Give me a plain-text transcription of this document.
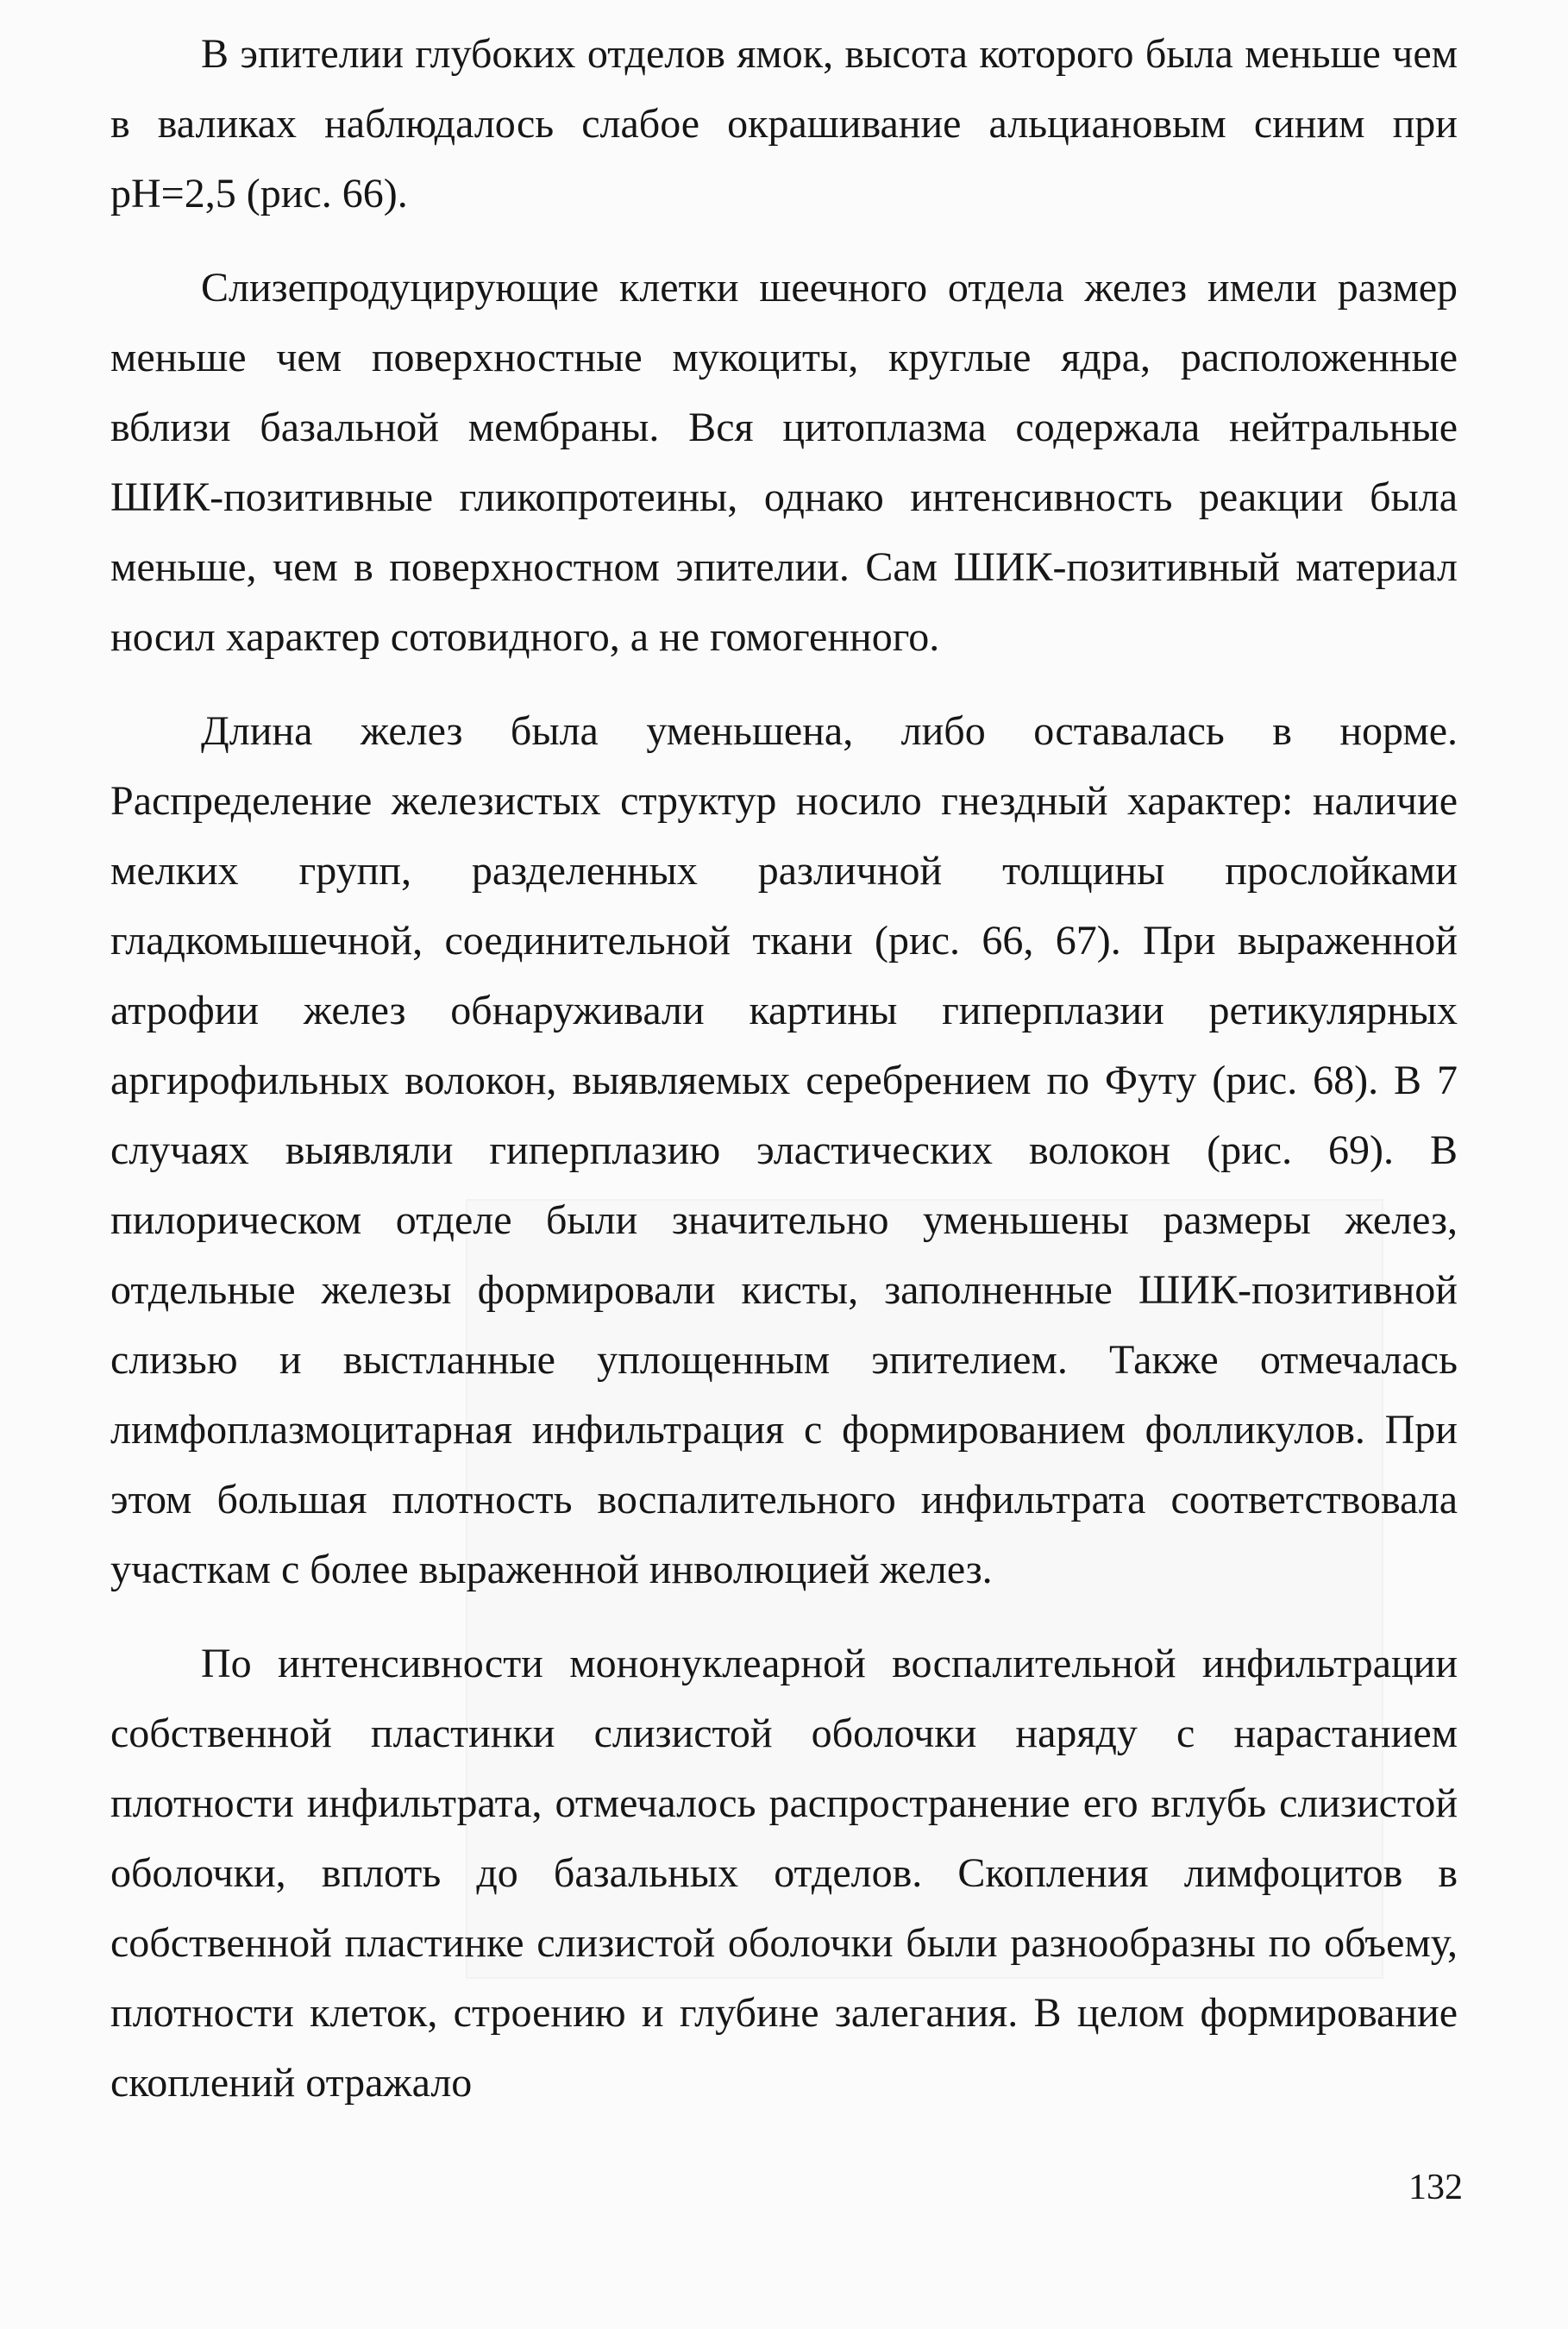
В эпителии глубоких отделов ямок, высота которого была меньше чем в валиках наблюдалось слабое окрашивание альциановым синим при pH=2,5 (рис. 66).

Слизепродуцирующие клетки шеечного отдела желез имели размер меньше чем поверхностные мукоциты, круглые ядра, расположенные вблизи базальной мембраны. Вся цитоплазма содержала нейтральные ШИК-позитивные гликопротеины, однако интенсивность реакции была меньше, чем в поверхностном эпителии. Сам ШИК-позитивный материал носил характер сотовидного, а не гомогенного.

Длина желез была уменьшена, либо оставалась в норме. Распределение железистых структур носило гнездный характер: наличие мелких групп, разделенных различной толщины прослойками гладкомышечной, соединительной ткани (рис. 66, 67). При выраженной атрофии желез обнаруживали картины гиперплазии ретикулярных аргирофильных волокон, выявляемых серебрением по Футу (рис. 68). В 7 случаях выявляли гиперплазию эластических волокон (рис. 69). В пилорическом отделе были значительно уменьшены размеры желез, отдельные железы формировали кисты, заполненные ШИК-позитивной слизью и выстланные уплощенным эпителием. Также отмечалась лимфоплазмоцитарная инфильтрация с формированием фолликулов. При этом большая плотность воспалительного инфильтрата соответствовала участкам с более выраженной инволюцией желез.

По интенсивности мононуклеарной воспалительной инфильтрации собственной пластинки слизистой оболочки наряду с нарастанием плотности инфильтрата, отмечалось распространение его вглубь слизистой оболочки, вплоть до базальных отделов. Скопления лимфоцитов в собственной пластинке слизистой оболочки были разнообразны по объему, плотности клеток, строению и глубине залегания. В целом формирование скоплений отражало

132
